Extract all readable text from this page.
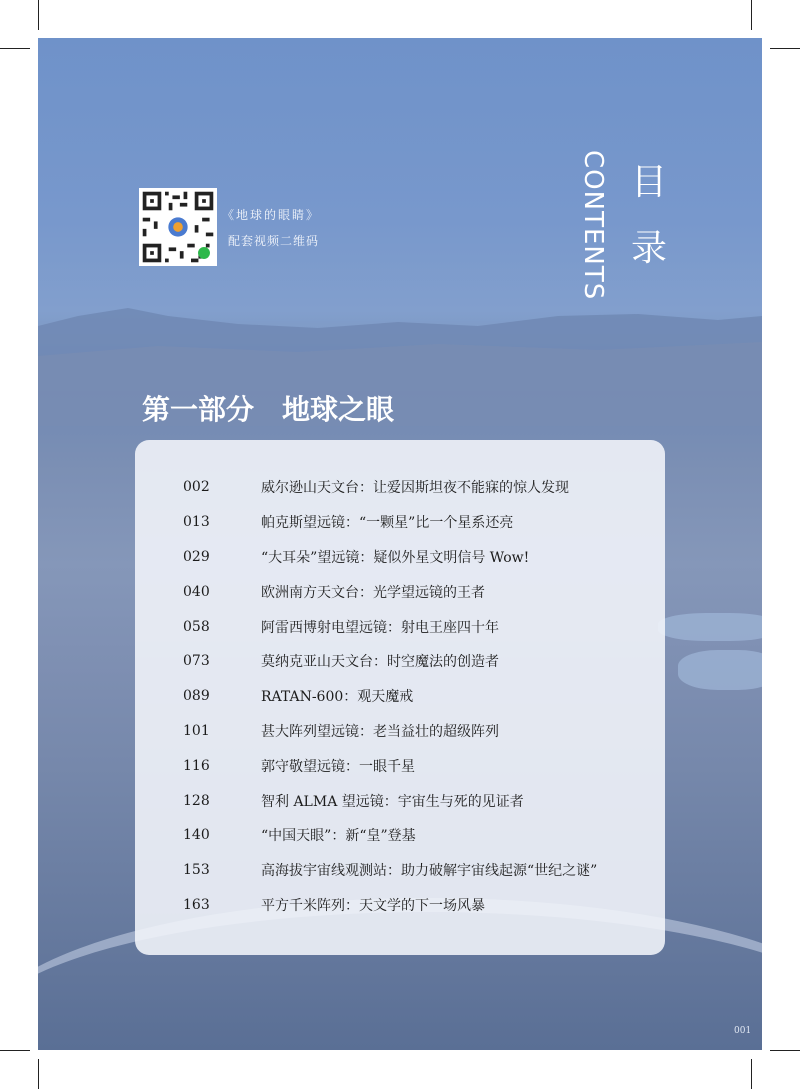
《地球的眼睛》
配套视频二维码	CONTENTS 目
录
第一部分　地球之眼
002	威尔逊山天文台：让爱因斯坦夜不能寐的惊人发现
013	帕克斯望远镜：“一颗星”比一个星系还亮
029	“大耳朵”望远镜：疑似外星文明信号 Wow!
040	欧洲南方天文台：光学望远镜的王者
058	阿雷西博射电望远镜：射电王座四十年
073	莫纳克亚山天文台：时空魔法的创造者
089	RATAN-600：观天魔戒
101	甚大阵列望远镜：老当益壮的超级阵列
116	郭守敬望远镜：一眼千星
128	智利 ALMA 望远镜：宇宙生与死的见证者
140	“中国天眼”：新“皇”登基
153	高海拔宇宙线观测站：助力破解宇宙线起源“世纪之谜”
163	平方千米阵列：天文学的下一场风暴
001
